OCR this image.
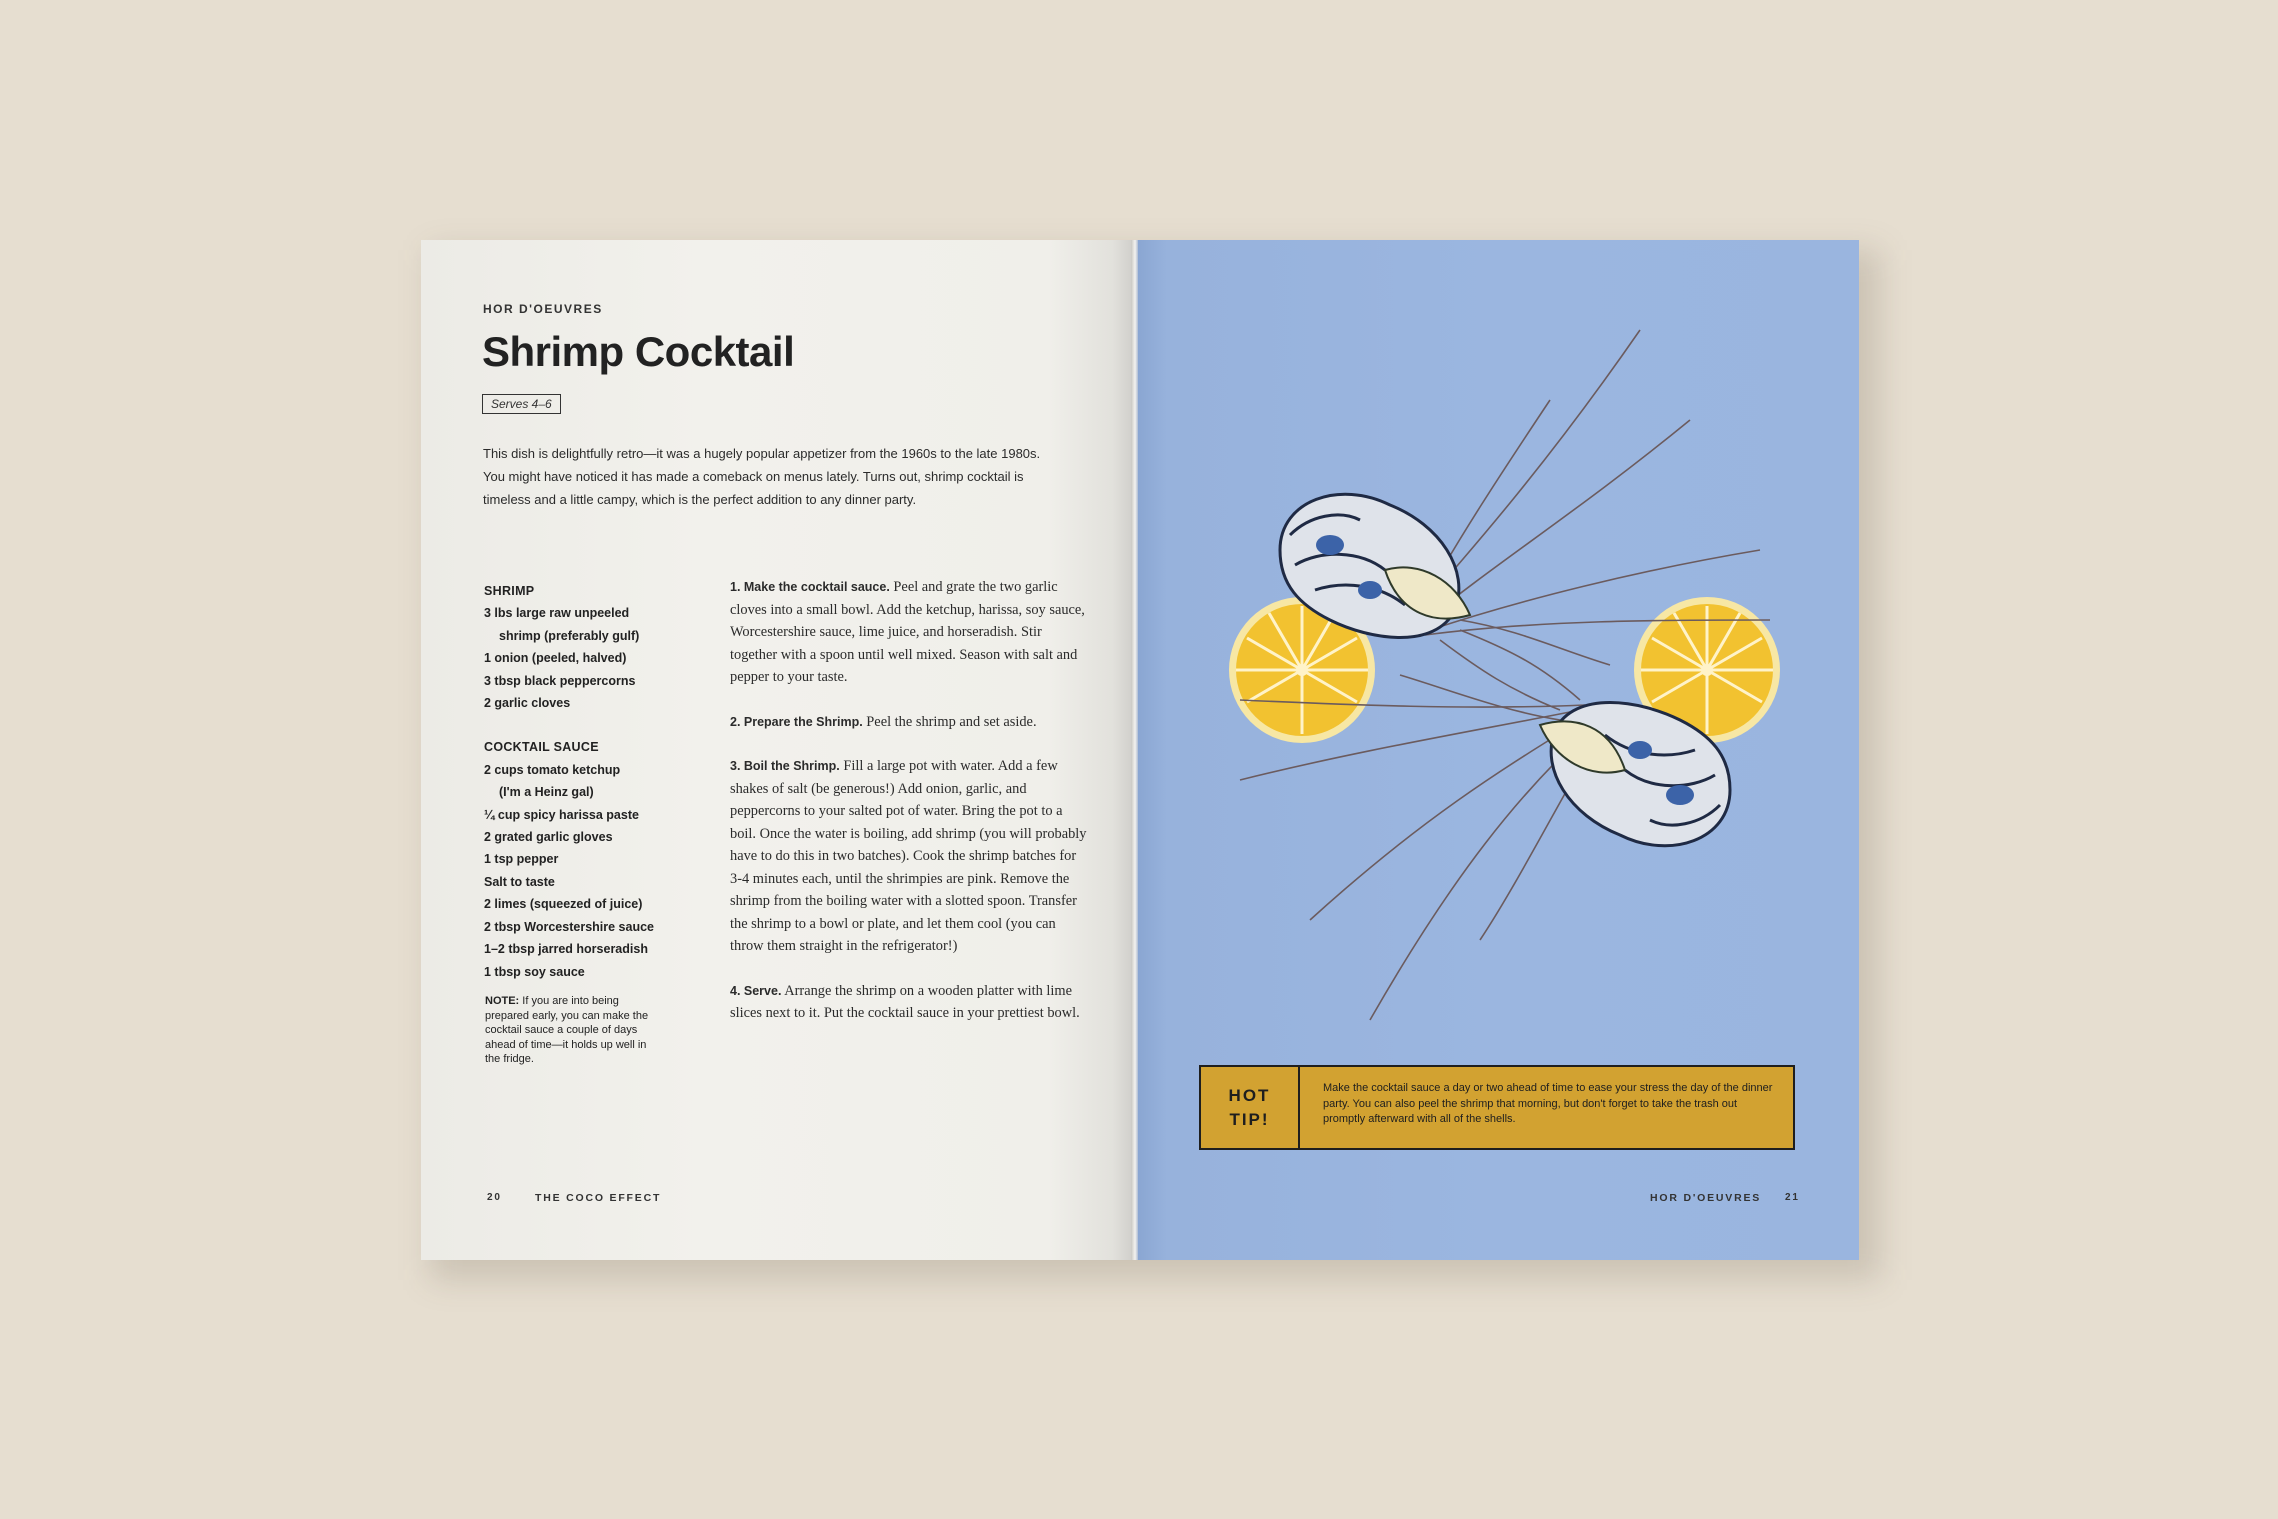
HOR D'OEUVRES
Shrimp Cocktail
Serves 4–6
This dish is delightfully retro—it was a hugely popular appetizer from the 1960s to the late 1980s. You might have noticed it has made a comeback on menus lately. Turns out, shrimp cocktail is timeless and a little campy, which is the perfect addition to any dinner party.
SHRIMP
3 lbs large raw unpeeled
shrimp (preferably gulf)
1 onion (peeled, halved)
3 tbsp black peppercorns
2 garlic cloves
COCKTAIL SAUCE
2 cups tomato ketchup
(I'm a Heinz gal)
¼ cup spicy harissa paste
2 grated garlic gloves
1 tsp pepper
Salt to taste
2 limes (squeezed of juice)
2 tbsp Worcestershire sauce
1–2 tbsp jarred horseradish
1 tbsp soy sauce
NOTE: If you are into being prepared early, you can make the cocktail sauce a couple of days ahead of time—it holds up well in the fridge.

1. Make the cocktail sauce. Peel and grate the two garlic cloves into a small bowl. Add the ketchup, harissa, soy sauce, Worcestershire sauce, lime juice, and horseradish. Stir together with a spoon until well mixed. Season with salt and pepper to your taste.

2. Prepare the Shrimp. Peel the shrimp and set aside.

3. Boil the Shrimp. Fill a large pot with water. Add a few shakes of salt (be generous!) Add onion, garlic, and peppercorns to your salted pot of water. Bring the pot to a boil. Once the water is boiling, add shrimp (you will probably have to do this in two batches). Cook the shrimp batches for 3-4 minutes each, until the shrimpies are pink. Remove the shrimp from the boiling water with a slotted spoon. Transfer the shrimp to a bowl or plate, and let them cool (you can throw them straight in the refrigerator!)

4. Serve. Arrange the shrimp on a wooden platter with lime slices next to it. Put the cocktail sauce in your prettiest bowl.

20	THE COCO EFFECT
HOT
TIP!
Make the cocktail sauce a day or two ahead of time to ease your stress the day of the dinner party. You can also peel the shrimp that morning, but don't forget to take the trash out promptly afterward with all of the shells.
HOR D'OEUVRES 21
